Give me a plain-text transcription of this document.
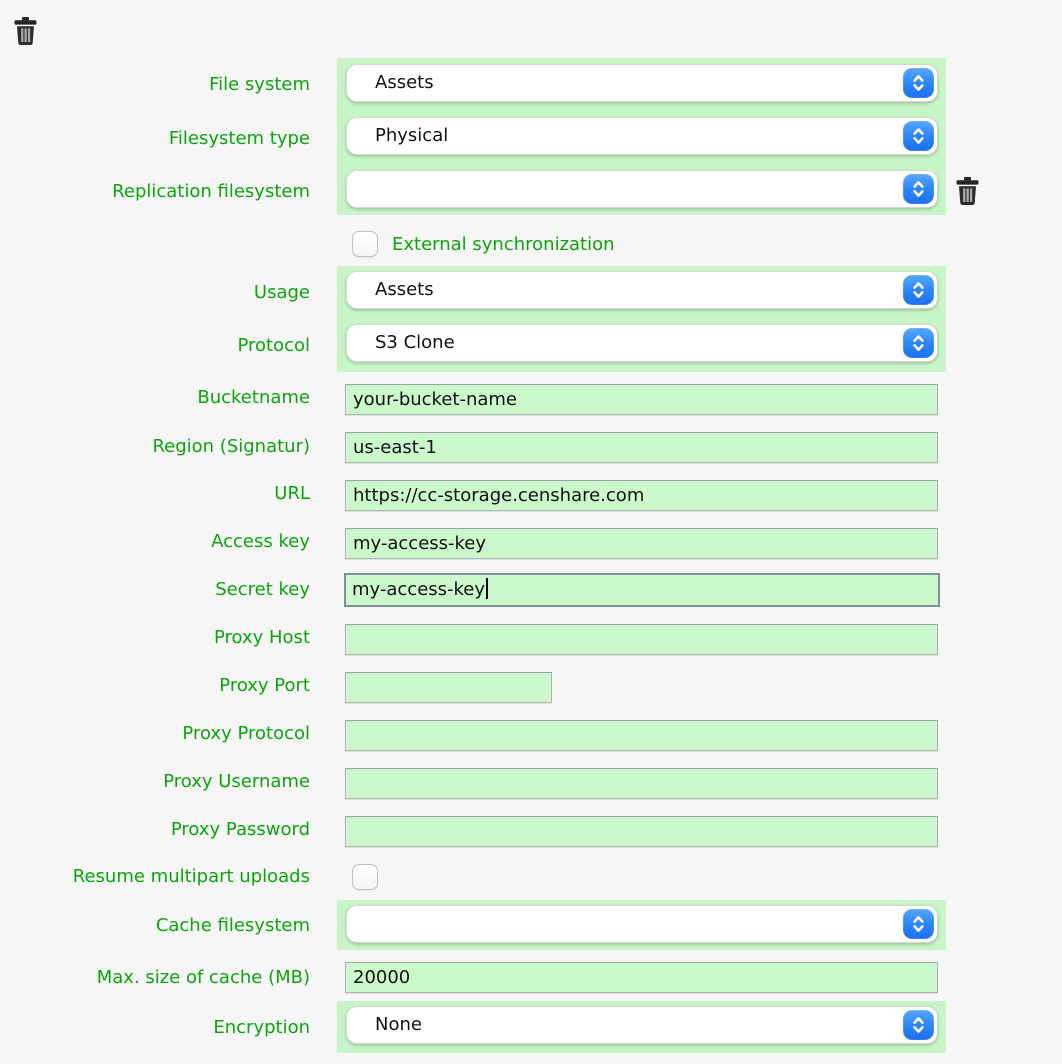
File system
Filesystem type
Replication filesystem
Usage
Protocol
Bucketname
Region (Signatur)
URL
Access key
Secret key
Proxy Host
Proxy Port
Proxy Protocol
Proxy Username
Proxy Password
Resume multipart uploads
Cache filesystem
Max. size of cache (MB)
Encryption
Assets
Physical
External synchronization
Assets
S3 Clone
your-bucket-name
us-east-1
https://cc-storage.censhare.com
my-access-key
my-access-key
20000
None
